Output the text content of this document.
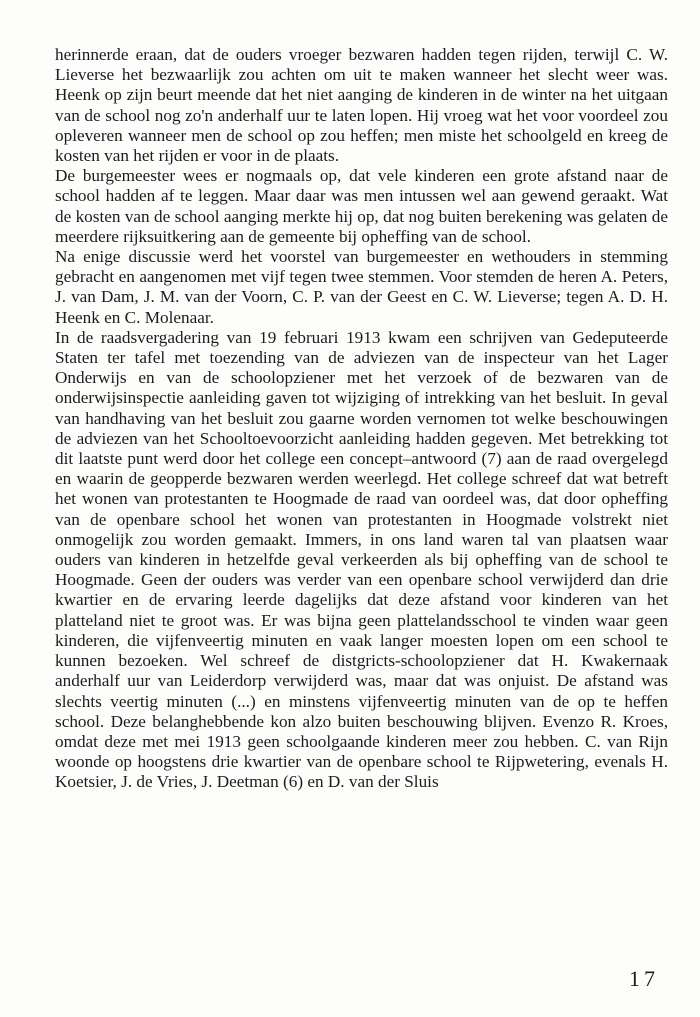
herinnerde eraan, dat de ouders vroeger bezwaren hadden tegen rijden, terwijl C. W. Lieverse het bezwaarlijk zou achten om uit te maken wanneer het slecht weer was. Heenk op zijn beurt meende dat het niet aanging de kinderen in de winter na het uitgaan van de school nog zo'n anderhalf uur te laten lopen. Hij vroeg wat het voor voordeel zou opleveren wanneer men de school op zou heffen; men miste het schoolgeld en kreeg de kosten van het rijden er voor in de plaats.

De burgemeester wees er nogmaals op, dat vele kinderen een grote afstand naar de school hadden af te leggen. Maar daar was men intussen wel aan gewend geraakt. Wat de kosten van de school aanging merkte hij op, dat nog buiten berekening was gelaten de meerdere rijksuitkering aan de gemeente bij opheffing van de school.

Na enige discussie werd het voorstel van burgemeester en wethouders in stemming gebracht en aangenomen met vijf tegen twee stemmen. Voor stemden de heren A. Peters, J. van Dam, J. M. van der Voorn, C. P. van der Geest en C. W. Lieverse; tegen A. D. H. Heenk en C. Molenaar.

In de raadsvergadering van 19 februari 1913 kwam een schrijven van Gedeputeerde Staten ter tafel met toezending van de adviezen van de inspecteur van het Lager Onderwijs en van de schoolopziener met het verzoek of de bezwaren van de onderwijsinspectie aanleiding gaven tot wijziging of intrekking van het besluit. In geval van handhaving van het besluit zou gaarne worden vernomen tot welke beschouwingen de adviezen van het Schooltoevoorzicht aanleiding hadden gegeven. Met betrekking tot dit laatste punt werd door het college een concept–antwoord (7) aan de raad overgelegd en waarin de geopperde bezwaren werden weerlegd. Het college schreef dat wat betreft het wonen van protestanten te Hoogmade de raad van oordeel was, dat door opheffing van de openbare school het wonen van protestanten in Hoogmade volstrekt niet onmogelijk zou worden gemaakt. Immers, in ons land waren tal van plaatsen waar ouders van kinderen in hetzelfde geval verkeerden als bij opheffing van de school te Hoogmade. Geen der ouders was verder van een openbare school verwijderd dan drie kwartier en de ervaring leerde dagelijks dat deze afstand voor kinderen van het platteland niet te groot was. Er was bijna geen plattelandsschool te vinden waar geen kinderen, die vijfenveertig minuten en vaak langer moesten lopen om een school te kunnen bezoeken. Wel schreef de distgricts-schoolopziener dat H. Kwakernaak anderhalf uur van Leiderdorp verwijderd was, maar dat was onjuist. De afstand was slechts veertig minuten (...) en minstens vijfenveertig minuten van de op te heffen school. Deze belanghebbende kon alzo buiten beschouwing blijven. Evenzo R. Kroes, omdat deze met mei 1913 geen schoolgaande kinderen meer zou hebben. C. van Rijn woonde op hoogstens drie kwartier van de openbare school te Rijpwetering, evenals H. Koetsier, J. de Vries, J. Deetman (6) en D. van der Sluis

17
